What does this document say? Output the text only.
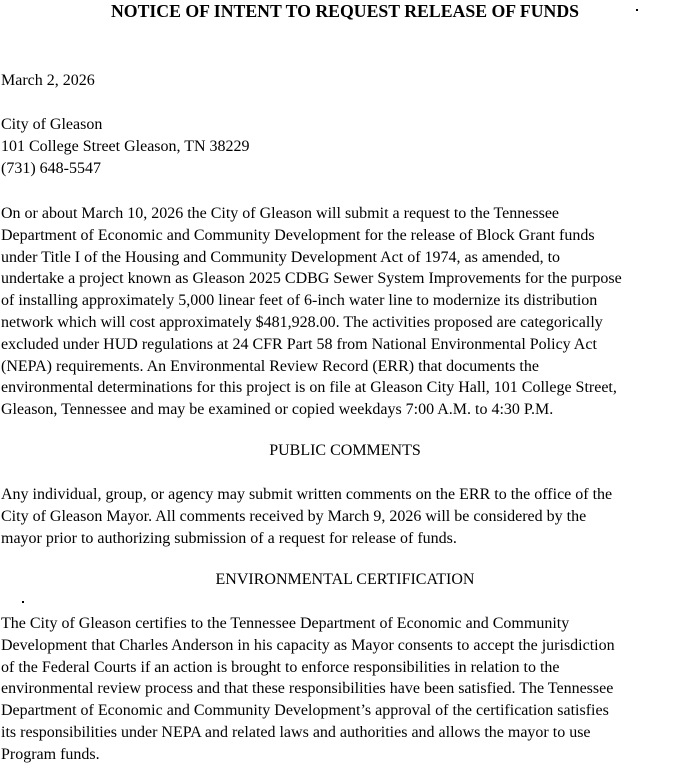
NOTICE OF INTENT TO REQUEST RELEASE OF FUNDS
March 2, 2026
City of Gleason
101 College Street Gleason, TN 38229
(731) 648-5547
On or about March 10, 2026 the City of Gleason will submit a request to the Tennessee
Department of Economic and Community Development for the release of Block Grant funds
under Title I of the Housing and Community Development Act of 1974, as amended, to
undertake a project known as Gleason 2025 CDBG Sewer System Improvements for the purpose
of installing approximately 5,000 linear feet of 6-inch water line to modernize its distribution
network which will cost approximately $481,928.00. The activities proposed are categorically
excluded under HUD regulations at 24 CFR Part 58 from National Environmental Policy Act
(NEPA) requirements. An Environmental Review Record (ERR) that documents the
environmental determinations for this project is on file at Gleason City Hall, 101 College Street,
Gleason, Tennessee and may be examined or copied weekdays 7:00 A.M. to 4:30 P.M.
PUBLIC COMMENTS
Any individual, group, or agency may submit written comments on the ERR to the office of the
City of Gleason Mayor. All comments received by March 9, 2026 will be considered by the
mayor prior to authorizing submission of a request for release of funds.
ENVIRONMENTAL CERTIFICATION
The City of Gleason certifies to the Tennessee Department of Economic and Community
Development that Charles Anderson in his capacity as Mayor consents to accept the jurisdiction
of the Federal Courts if an action is brought to enforce responsibilities in relation to the
environmental review process and that these responsibilities have been satisfied. The Tennessee
Department of Economic and Community Development’s approval of the certification satisfies
its responsibilities under NEPA and related laws and authorities and allows the mayor to use
Program funds.
